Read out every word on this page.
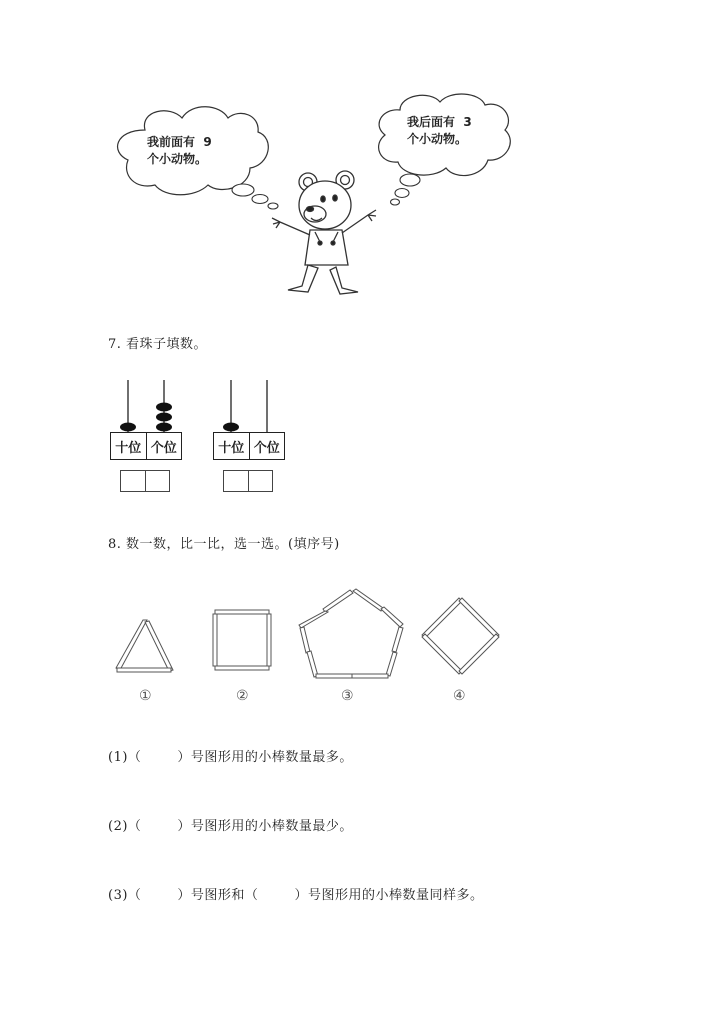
我前面有  9
个小动物。
我后面有  3
个小动物。
7. 看珠子填数。
十位 个位	十位 个位
8. 数一数，比一比，选一选。(填序号)
①	②	③	④
(1)（	）号图形用的小棒数量最多。
(2)（	）号图形用的小棒数量最少。
(3)（	）号图形和（	）号图形用的小棒数量同样多。
